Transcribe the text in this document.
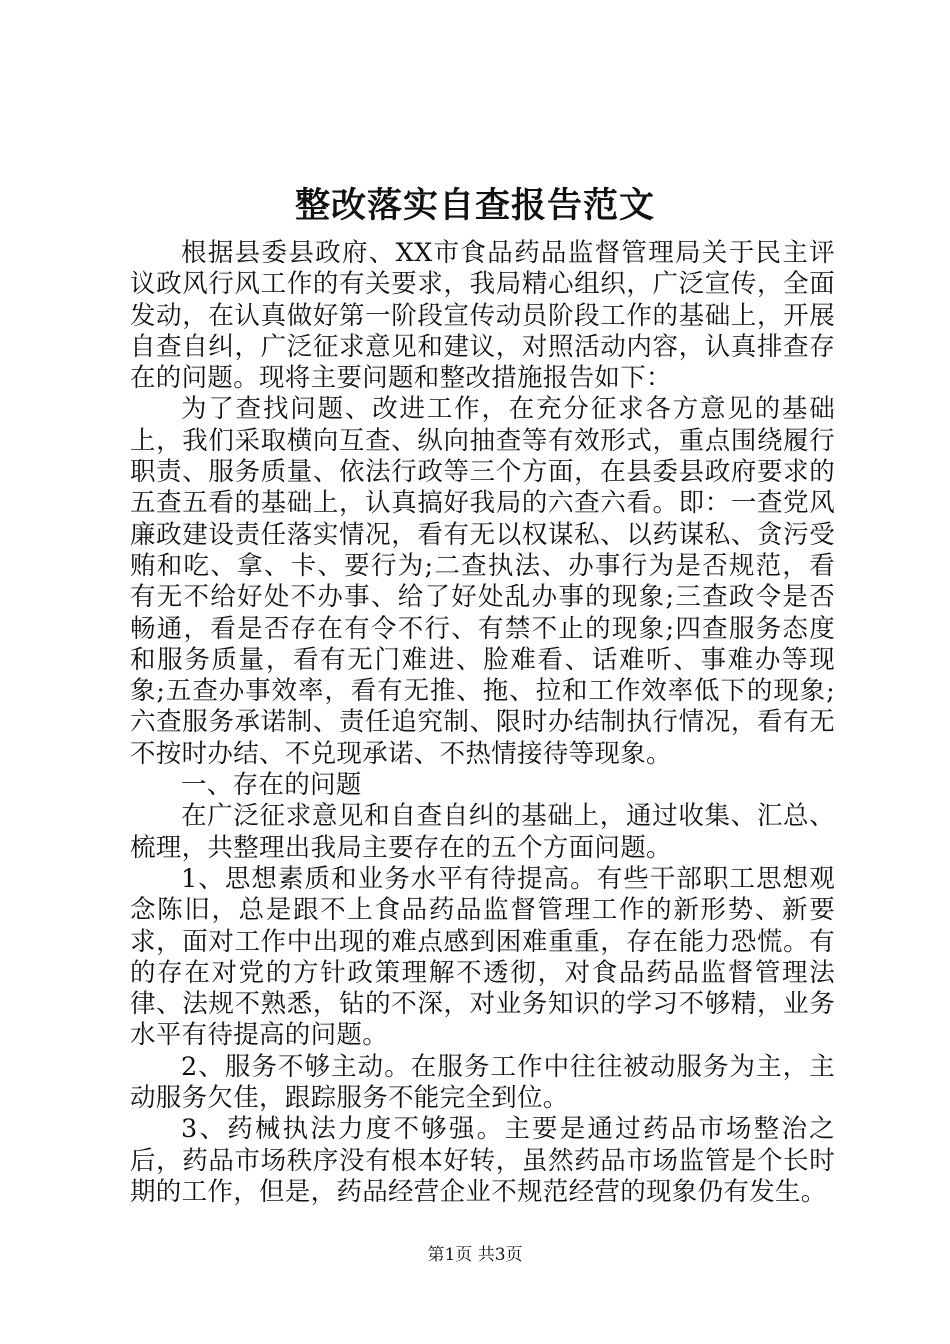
整改落实自查报告范文

根据县委县政府、XX市食品药品监督管理局关于民主评议政风行风工作的有关要求，我局精心组织，广泛宣传，全面发动，在认真做好第一阶段宣传动员阶段工作的基础上，开展自查自纠，广泛征求意见和建议，对照活动内容，认真排查存在的问题。现将主要问题和整改措施报告如下：

为了查找问题、改进工作，在充分征求各方意见的基础上，我们采取横向互查、纵向抽查等有效形式，重点围绕履行职责、服务质量、依法行政等三个方面，在县委县政府要求的五查五看的基础上，认真搞好我局的六查六看。即：一查党风廉政建设责任落实情况，看有无以权谋私、以药谋私、贪污受贿和吃、拿、卡、要行为;二查执法、办事行为是否规范，看有无不给好处不办事、给了好处乱办事的现象;三查政令是否畅通，看是否存在有令不行、有禁不止的现象;四查服务态度和服务质量，看有无门难进、脸难看、话难听、事难办等现象;五查办事效率，看有无推、拖、拉和工作效率低下的现象;六查服务承诺制、责任追究制、限时办结制执行情况，看有无不按时办结、不兑现承诺、不热情接待等现象。

一、存在的问题

在广泛征求意见和自查自纠的基础上，通过收集、汇总、梳理，共整理出我局主要存在的五个方面问题。

1、思想素质和业务水平有待提高。有些干部职工思想观念陈旧，总是跟不上食品药品监督管理工作的新形势、新要求，面对工作中出现的难点感到困难重重，存在能力恐慌。有的存在对党的方针政策理解不透彻，对食品药品监督管理法律、法规不熟悉，钻的不深，对业务知识的学习不够精，业务水平有待提高的问题。

2、服务不够主动。在服务工作中往往被动服务为主，主动服务欠佳，跟踪服务不能完全到位。

3、药械执法力度不够强。主要是通过药品市场整治之后，药品市场秩序没有根本好转，虽然药品市场监管是个长时期的工作，但是，药品经营企业不规范经营的现象仍有发生。

第1页 共3页
